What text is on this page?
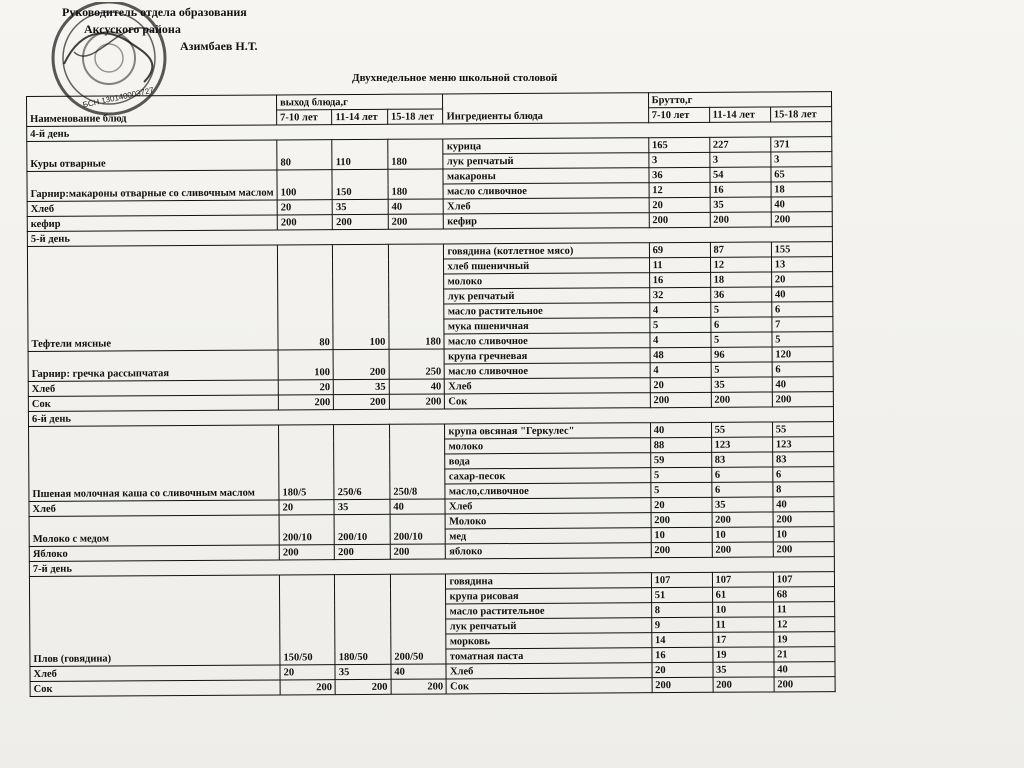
БСН 130140003727
Руководитель отдела образования
Аксуского района
Азимбаев Н.Т.
Двухнедельное меню школьной столовой
Наименование блюд	выход блюда,г			Ингредиенты блюда	Брутто,г		
	7-10 лет	11-14 лет	15-18 лет		7-10 лет	11-14 лет	15-18 лет
4-й день							
Куры отварные	80	110	180	курица	165	227	371
				лук репчатый	3	3	3
Гарнир:макароны отварные со сливочным маслом	100	150	180	макароны	36	54	65
				масло сливочное	12	16	18
Хлеб	20	35	40	Хлеб	20	35	40
кефир	200	200	200	кефир	200	200	200
5-й день							
Тефтели мясные	80	100	180	говядина (котлетное мясо)	69	87	155
				хлеб пшеничный	11	12	13
				молоко	16	18	20
				лук репчатый	32	36	40
				масло растительное	4	5	6
				мука пшеничная	5	6	7
				масло сливочное	4	5	5
Гарнир: гречка рассыпчатая	100	200	250	крупа гречневая	48	96	120
				масло сливочное	4	5	6
Хлеб	20	35	40	Хлеб	20	35	40
Сок	200	200	200	Сок	200	200	200
6-й день							
Пшеная молочная каша со сливочным маслом	180/5	250/6	250/8	крупа овсяная "Геркулес"	40	55	55
				молоко	88	123	123
				вода	59	83	83
				сахар-песок	5	6	6
				масло,сливочное	5	6	8
Хлеб	20	35	40	Хлеб	20	35	40
Молоко с медом	200/10	200/10	200/10	Молоко	200	200	200
				мед	10	10	10
Яблоко	200	200	200	яблоко	200	200	200
7-й день							
Плов (говядина)	150/50	180/50	200/50	говядина	107	107	107
				крупа рисовая	51	61	68
				масло растительное	8	10	11
				лук репчатый	9	11	12
				морковь	14	17	19
				томатная паста	16	19	21
Хлеб	20	35	40	Хлеб	20	35	40
Сок	200	200	200	Сок	200	200	200
